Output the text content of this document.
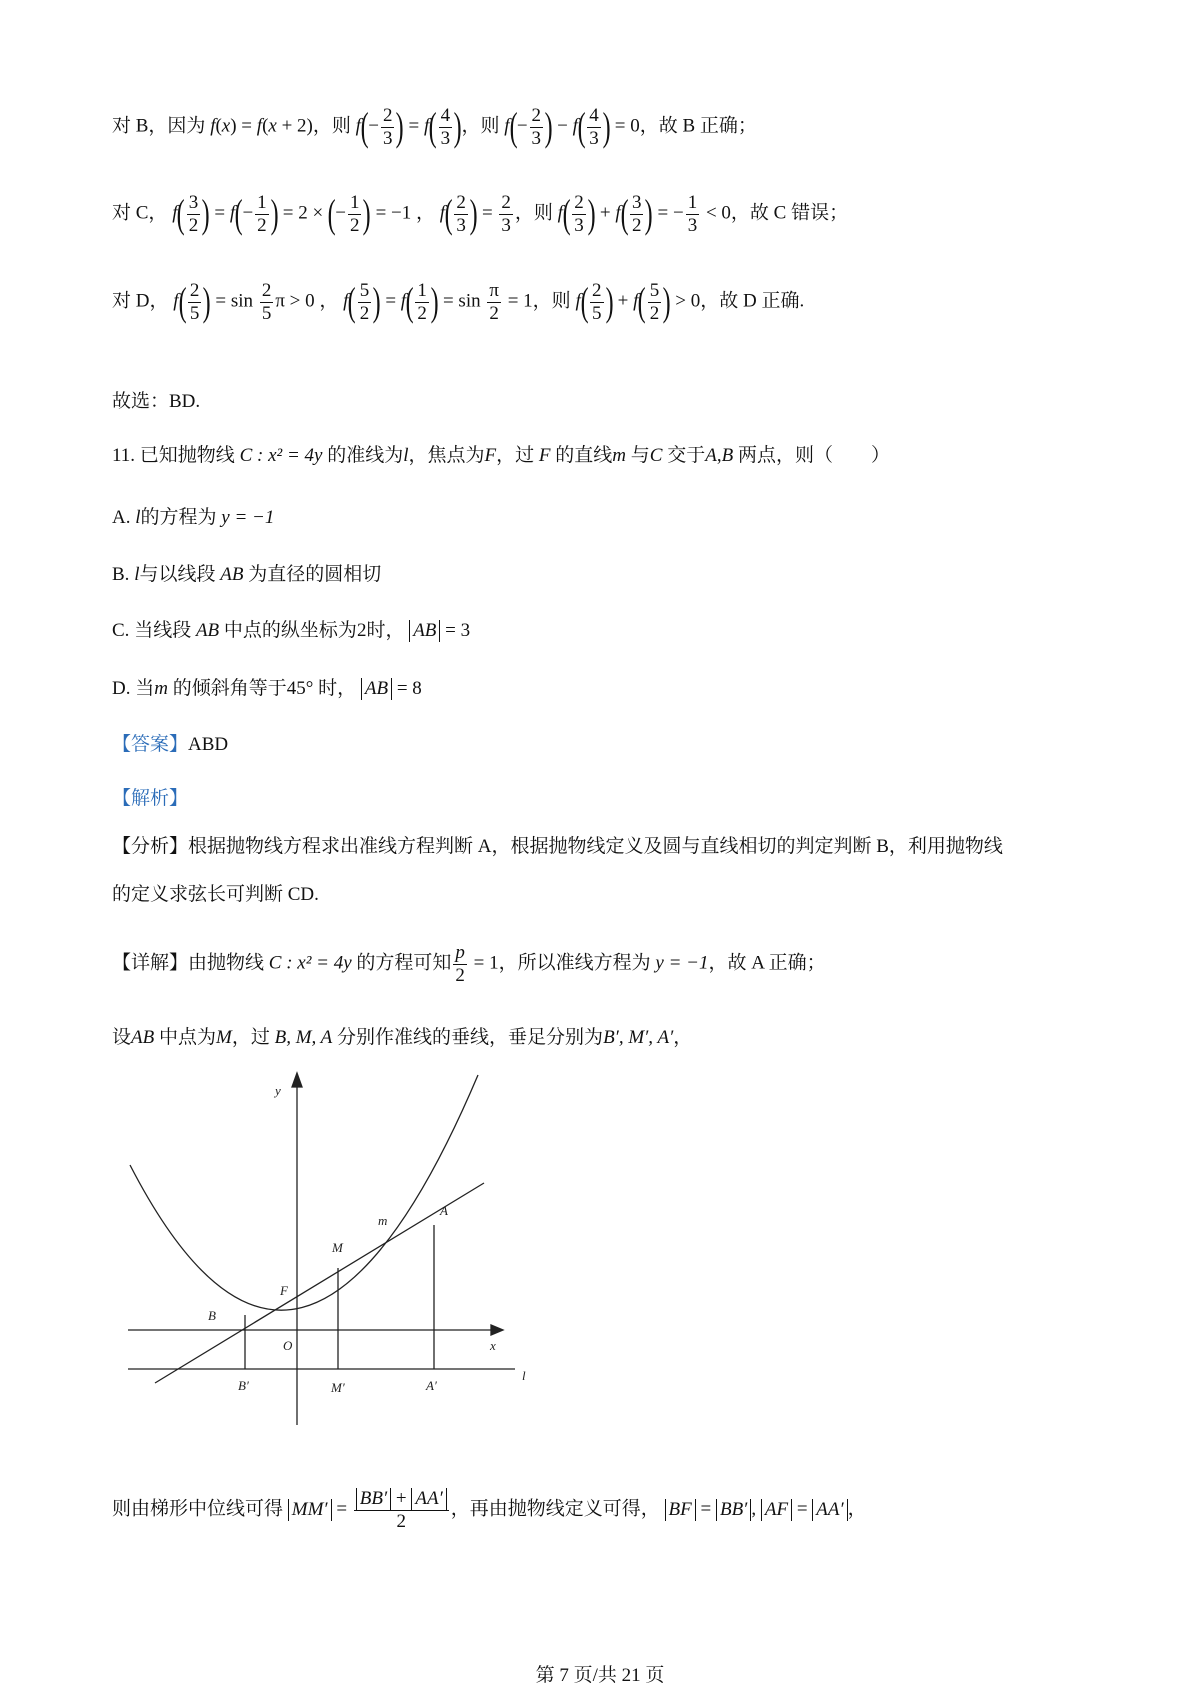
对 B，因为 f(x) = f(x + 2)，则 $f(- \frac{2}{3}$ ) = $f( \frac{4}{3}$ )，则 $f(- \frac{2}{3}$ ) − $f( \frac{4}{3}$ ) = 0，故 B 正确；
对 C， $f( \frac{3}{2}$ ) = $f(- \frac{1}{2}$ ) = 2 × (− $\frac{1}{2}$ ) = −1 ， $f( \frac{2}{3}$ ) = $\frac{2}{3}$ ，则 $f( \frac{2}{3}$ ) + $f( \frac{3}{2}$ ) = − $\frac{1}{3} < 0$，故 C 错误；
对 D， $f( \frac{2}{5}$ ) = $\sin \frac{2}{5}$ π > 0 ， $f( \frac{5}{2}$ ) = $f( \frac{1}{2}$ ) = $\sin \frac{\pi}{2} = 1$，则 $f( \frac{2}{5}$ ) + $f( \frac{5}{2}$ ) > 0，故 D 正确.
故选：BD.
11. 已知抛物线 C : x² = 4y 的准线为l，焦点为F，过 F 的直线m 与C 交于A,B 两点，则（　　）
A. l的方程为 y = −1
B. l与以线段 AB 为直径的圆相切
C. 当线段 AB 中点的纵坐标为2时， AB = 3
D. 当m 的倾斜角等于45° 时， AB = 8
【答案】ABD
【解析】
【分析】根据抛物线方程求出准线方程判断 A，根据抛物线定义及圆与直线相切的判定判断 B，利用抛物线
的定义求弦长可判断 CD.
【详解】由抛物线 C : x² = 4y 的方程可知 $\frac{p}{2} = 1$，所以准线方程为 y = −1，故 A 正确；
设AB 中点为M，过 B, M, A 分别作准线的垂线，垂足分别为B′, M′, A′，
y
x
l
m
A
B
M
F
O
B′	M′	A′
则由梯形中位线可得 $MM' = \frac{BB' + AA'}{2}$ ，再由抛物线定义可得， BF = BB′ , AF = AA′ ，
第 7 页/共 21 页
